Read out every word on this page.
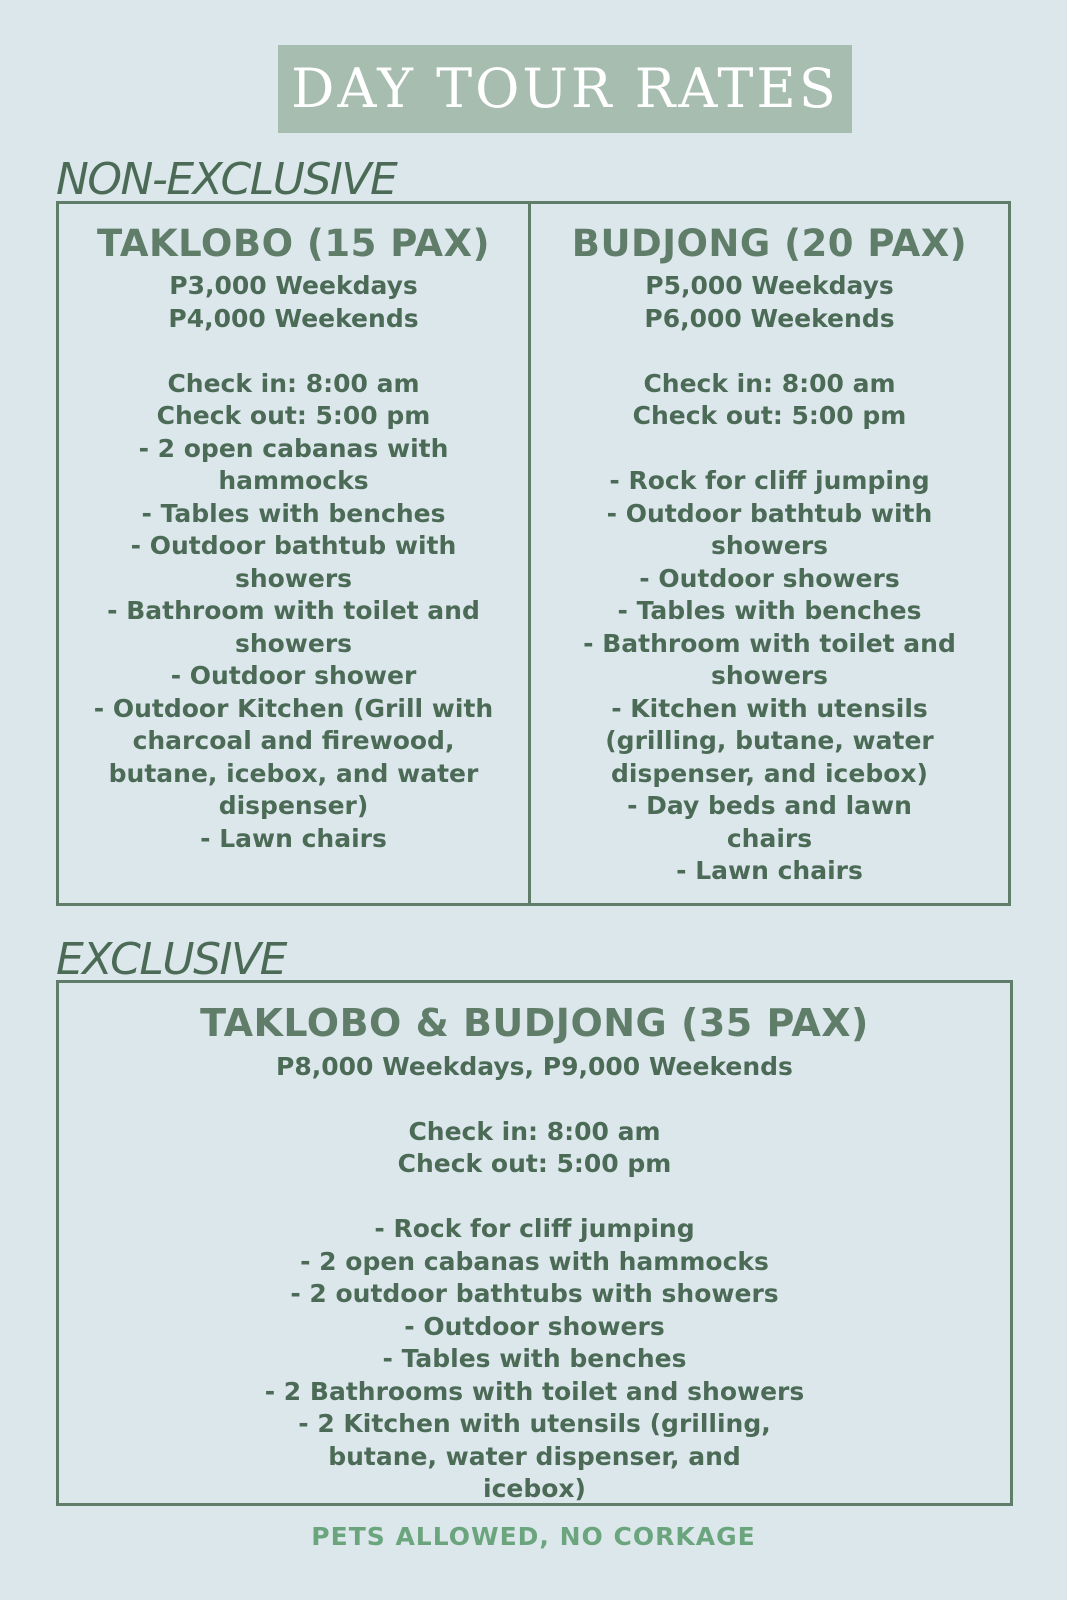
DAY TOUR RATES
NON-EXCLUSIVE
TAKLOBO (15 PAX)
P3,000 Weekdays
P4,000 Weekends
Check in: 8:00 am
Check out: 5:00 pm
- 2 open cabanas with hammocks
- Tables with benches
- Outdoor bathtub with showers
- Bathroom with toilet and showers
- Outdoor shower
- Outdoor Kitchen (Grill with charcoal and firewood, butane, icebox, and water dispenser)
- Lawn chairs
BUDJONG (20 PAX)
P5,000 Weekdays
P6,000 Weekends
Check in: 8:00 am
Check out: 5:00 pm
- Rock for cliff jumping
- Outdoor bathtub with showers
- Outdoor showers
- Tables with benches
- Bathroom with toilet and showers
- Kitchen with utensils (grilling, butane, water dispenser, and icebox)
- Day beds and lawn chairs
- Lawn chairs
EXCLUSIVE
TAKLOBO & BUDJONG (35 PAX)
P8,000 Weekdays, P9,000 Weekends
Check in: 8:00 am
Check out: 5:00 pm
- Rock for cliff jumping
- 2 open cabanas with hammocks
- 2 outdoor bathtubs with showers
- Outdoor showers
- Tables with benches
- 2 Bathrooms with toilet and showers
- 2 Kitchen with utensils (grilling, butane, water dispenser, and icebox)
PETS ALLOWED, NO CORKAGE
